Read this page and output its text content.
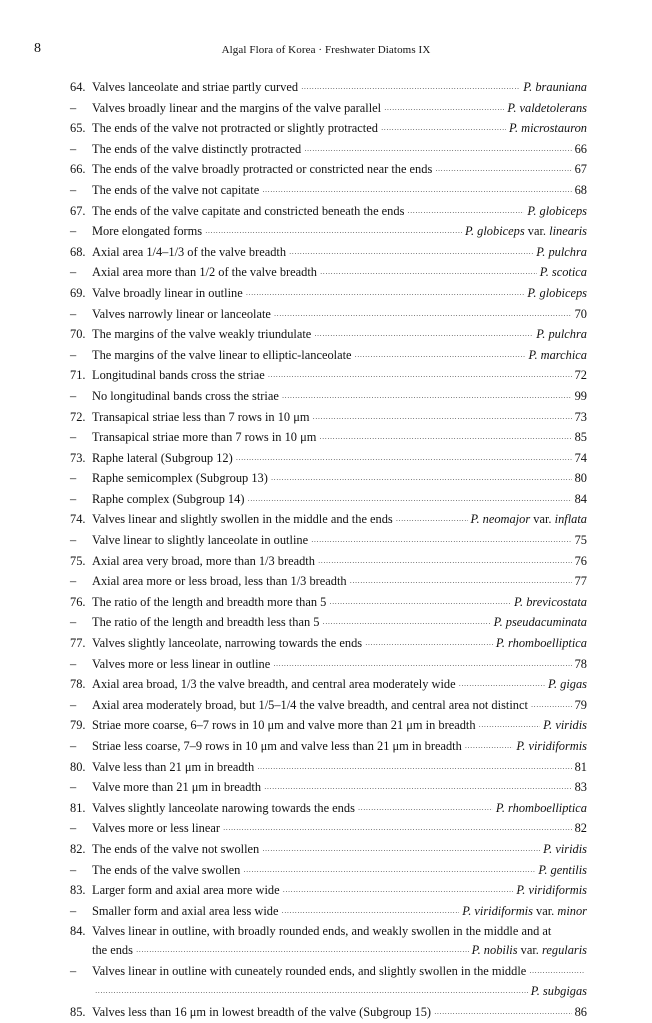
8	Algal Flora of Korea · Freshwater Diatoms IX
64. Valves lanceolate and striae partly curved ·····	P. brauniana
–	Valves broadly linear and the margins of the valve parallel ·····	P. valdetolerans
65. The ends of the valve not protracted or slightly protracted ·····	P. microstauron
–	The ends of the valve distinctly protracted ·····	66
66. The ends of the valve broadly protracted or constricted near the ends ·····	67
–	The ends of the valve not capitate ·····	68
67. The ends of the valve capitate and constricted beneath the ends ·····	P. globiceps
–	More elongated forms ·····	P. globiceps var. linearis
68. Axial area 1/4–1/3 of the valve breadth ·····	P. pulchra
–	Axial area more than 1/2 of the valve breadth ·····	P. scotica
69. Valve broadly linear in outline ·····	P. globiceps
–	Valves narrowly linear or lanceolate ·····	70
70. The margins of the valve weakly triundulate ·····	P. pulchra
–	The margins of the valve linear to elliptic-lanceolate ·····	P. marchica
71. Longitudinal bands cross the striae ·····	72
–	No longitudinal bands cross the striae ·····	99
72. Transapical striae less than 7 rows in 10 μm ·····	73
–	Transapical striae more than 7 rows in 10 μm ·····	85
73. Raphe lateral (Subgroup 12) ·····	74
–	Raphe semicomplex (Subgroup 13) ·····	80
–	Raphe complex (Subgroup 14) ·····	84
74. Valves linear and slightly swollen in the middle and the ends ·····	P. neomajor var. inflata
–	Valve linear to slightly lanceolate in outline ·····	75
75. Axial area very broad, more than 1/3 breadth ·····	76
–	Axial area more or less broad, less than 1/3 breadth ·····	77
76. The ratio of the length and breadth more than 5 ·····	P. brevicostata
–	The ratio of the length and breadth less than 5 ·····	P. pseudacuminata
77. Valves slightly lanceolate, narrowing towards the ends ·····	P. rhomboelliptica
–	Valves more or less linear in outline ·····	78
78. Axial area broad, 1/3 the valve breadth, and central area moderately wide ·····	P. gigas
–	Axial area moderately broad, but 1/5–1/4 the valve breadth, and central area not distinct ·····	79
79. Striae more coarse, 6–7 rows in 10 μm and valve more than 21 μm in breadth ·····	P. viridis
–	Striae less coarse, 7–9 rows in 10 μm and valve less than 21 μm in breadth ·····	P. viridiformis
80. Valve less than 21 μm in breadth ·····	81
–	Valve more than 21 μm in breadth ·····	83
81. Valves slightly lanceolate narowing towards the ends ·····	P. rhomboelliptica
–	Valves more or less linear ·····	82
82. The ends of the valve not swollen ·····	P. viridis
–	The ends of the valve swollen ·····	P. gentilis
83. Larger form and axial area more wide ·····	P. viridiformis
–	Smaller form and axial area less wide ·····	P. viridiformis var. minor
84. Valves linear in outline, with broadly rounded ends, and weakly swollen in the middle and at
the ends ·····	P. nobilis var. regularis
–	Valves linear in outline with cuneately rounded ends, and slightly swollen in the middle
·····
·····
P. subgigas
85. Valves less than 16 μm in lowest breadth of the valve (Subgroup 15) ·····	86
